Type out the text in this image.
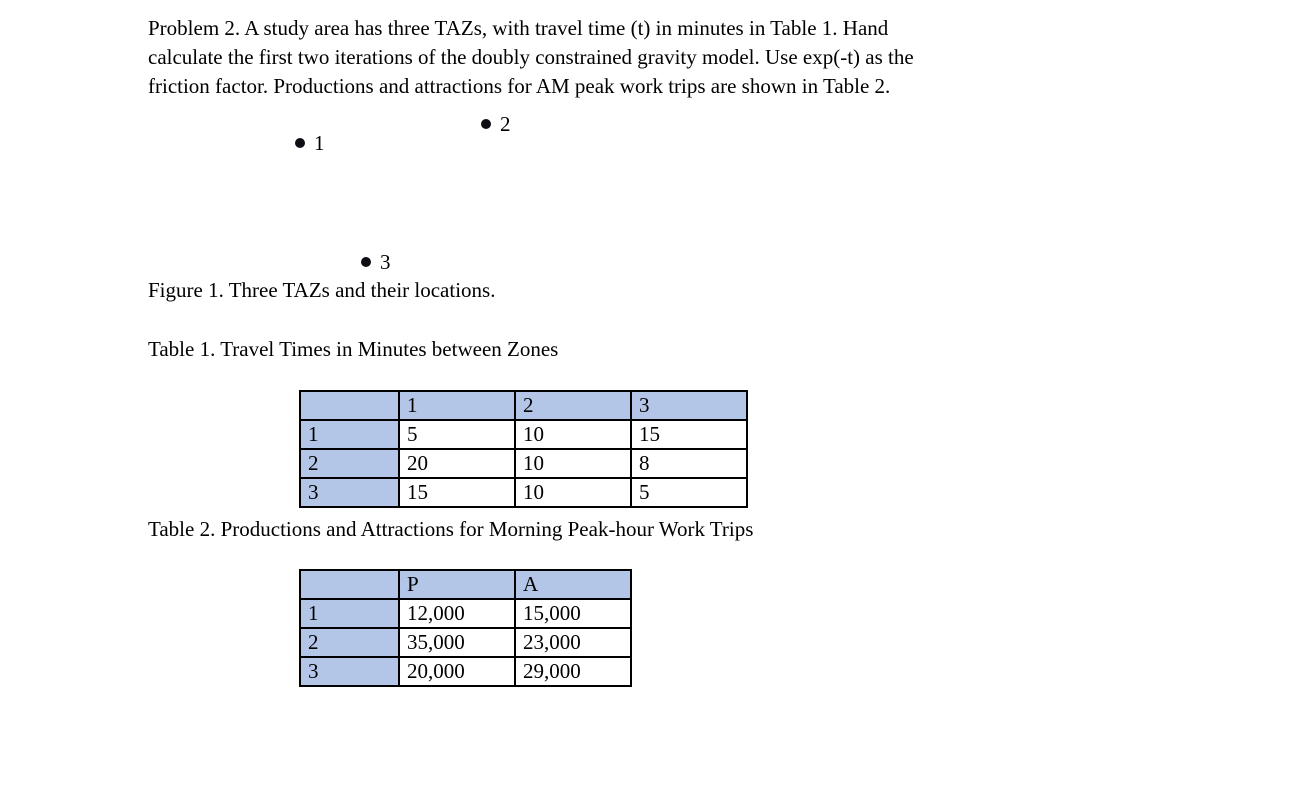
Problem 2. A study area has three TAZs, with travel time (t) in minutes in Table 1. Hand
calculate the first two iterations of the doubly constrained gravity model. Use exp(-t) as the
friction factor. Productions and attractions for AM peak work trips are shown in Table 2.
2
1
3
Figure 1. Three TAZs and their locations.
Table 1. Travel Times in Minutes between Zones
	1	2	3
1	5	10	15
2	20	10	8
3	15	10	5
Table 2. Productions and Attractions for Morning Peak-hour Work Trips
	P	A
1	12,000	15,000
2	35,000	23,000
3	20,000	29,000
